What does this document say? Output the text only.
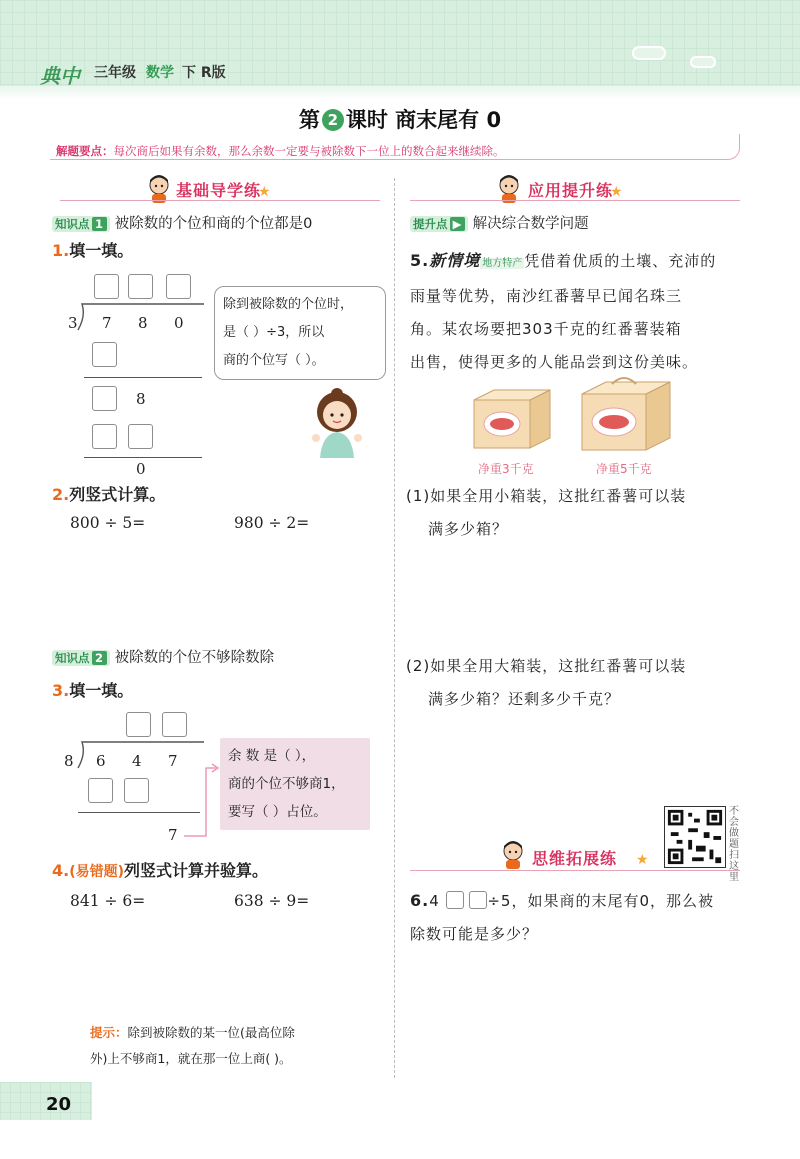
典中 三年级 数学 下 R版
第 2 课时 商末尾有 0
解题要点：每次商后如果有余数，那么余数一定要与被除数下一位上的数合起来继续除。
基础导学练
★
知识点 1 被除数的个位和商的个位都是0
1.填一填。
3 7 8 0
8
0
除到被除数的个位时，
是（ ）÷3，所以
商的个位写（ ）。
2.列竖式计算。
800 ÷ 5=	980 ÷ 2=
知识点 2 被除数的个位不够除数除
3.填一填。
8 6 4 7
7
余 数 是（ ），
商的个位不够商1，
要写（ ）占位。
4.(易错题)列竖式计算并验算。
841 ÷ 6=	638 ÷ 9=
提示：除到被除数的某一位(最高位除
外)上不够商1，就在那一位上商( )。
应用提升练
★
提升点 ▶ 解决综合数学问题
5.新情境 地方特产 凭借着优质的土壤、充沛的
雨量等优势，南沙红番薯早已闻名珠三
角。某农场要把303千克的红番薯装箱
出售，使得更多的人能品尝到这份美味。
净重3千克	净重5千克
(1)如果全用小箱装，这批红番薯可以装
满多少箱？
(2)如果全用大箱装，这批红番薯可以装
满多少箱？还剩多少千克？
不会做题扫这里
思维拓展练 ★
6.4	÷5，如果商的末尾有0，那么被
除数可能是多少？
20
